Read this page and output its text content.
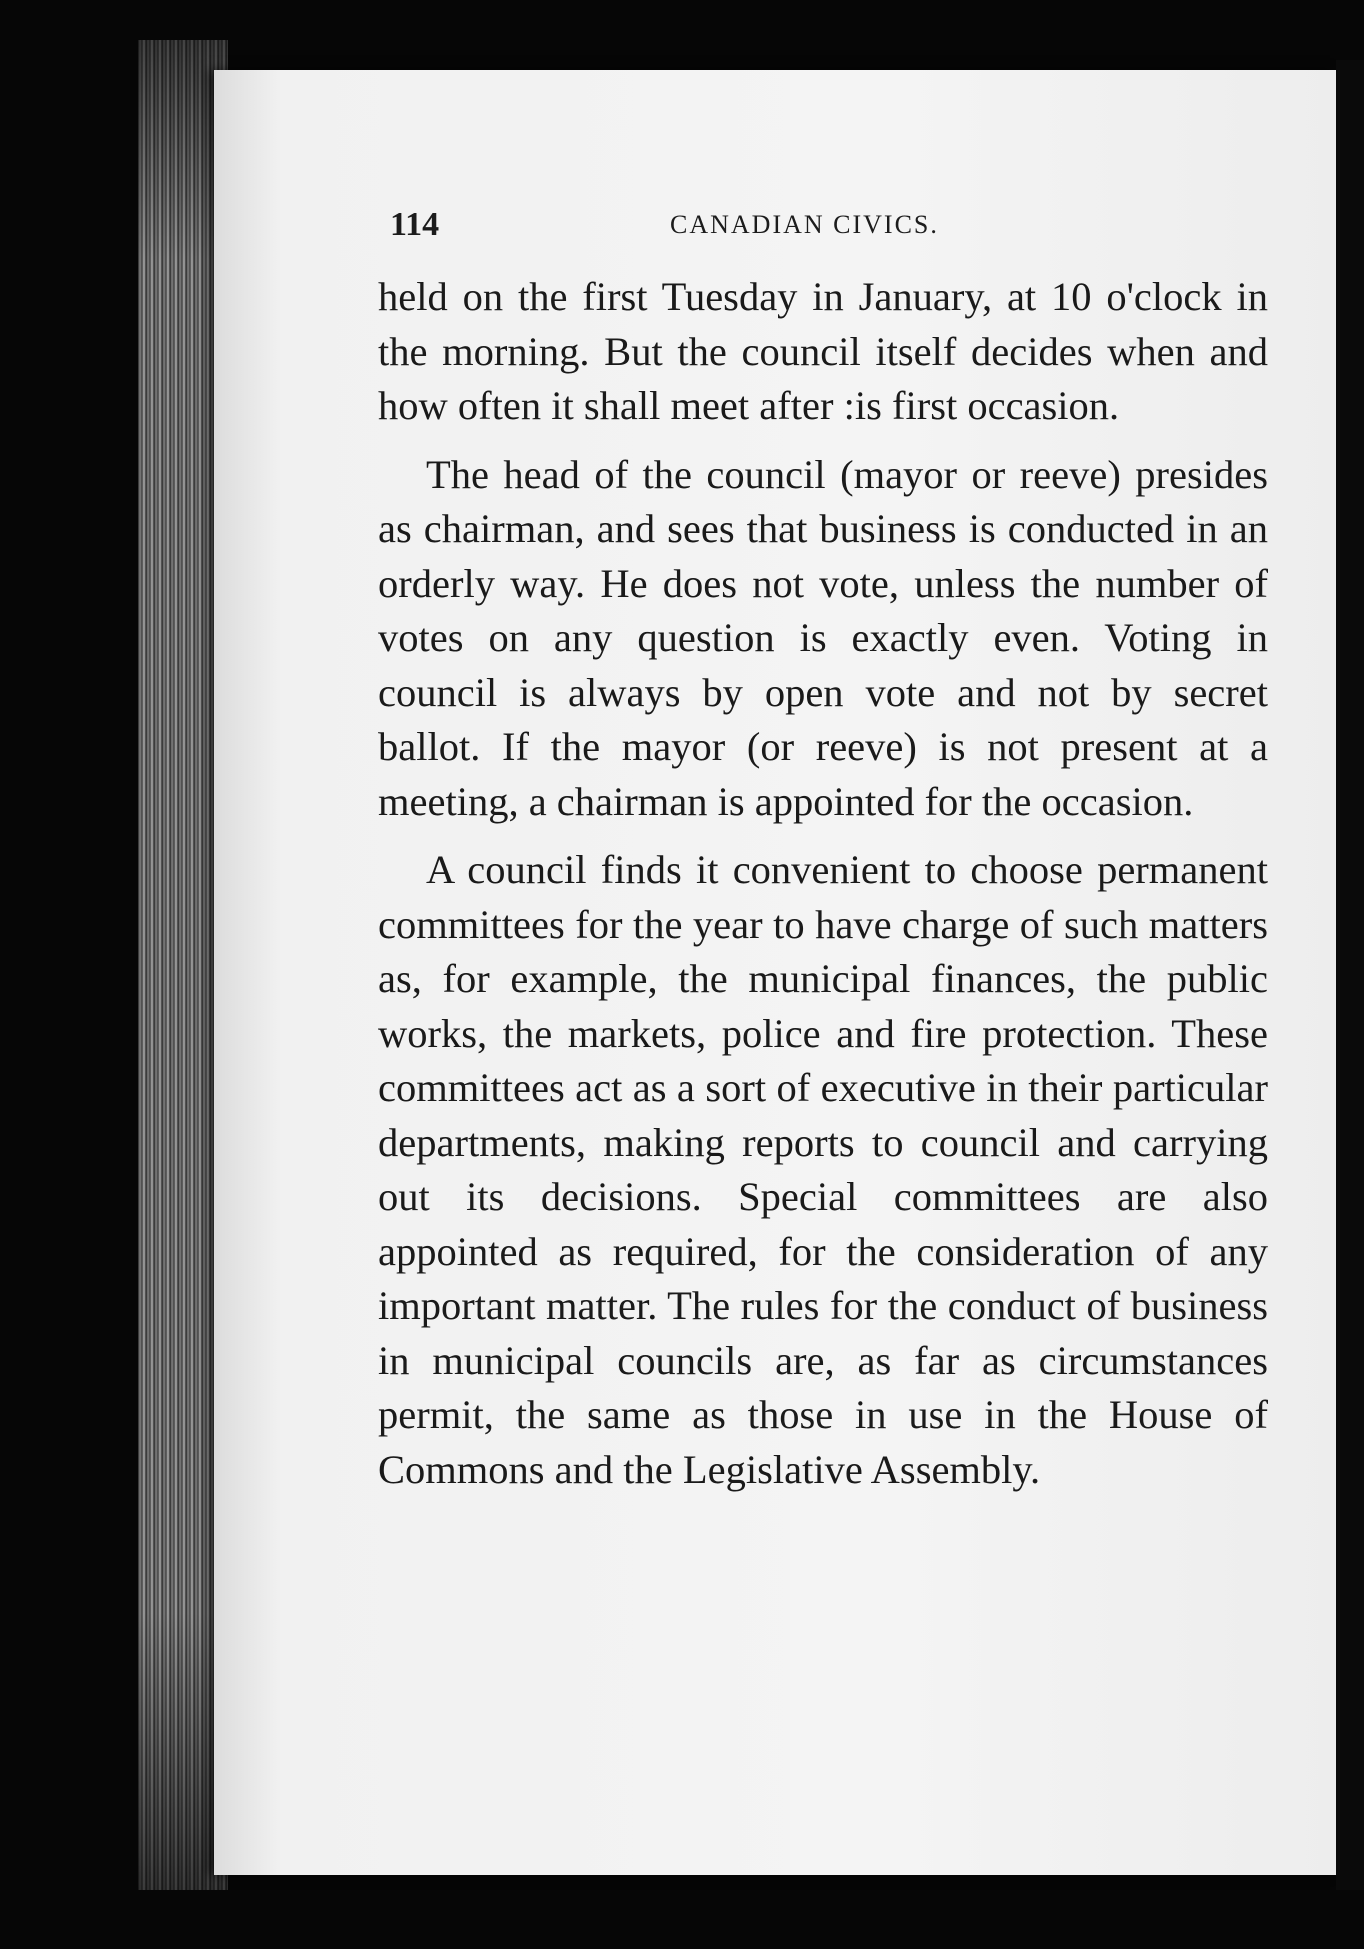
114	CANADIAN CIVICS.

held on the first Tuesday in January, at 10 o'clock in the morning. But the council itself decides when and how often it shall meet after :is first occasion.

The head of the council (mayor or reeve) presides as chairman, and sees that business is conducted in an orderly way. He does not vote, unless the number of votes on any question is exactly even. Voting in council is always by open vote and not by secret ballot. If the mayor (or reeve) is not present at a meeting, a chairman is appointed for the occasion.

A council finds it convenient to choose permanent committees for the year to have charge of such matters as, for example, the municipal finances, the public works, the markets, police and fire protection. These committees act as a sort of executive in their particular departments, making reports to council and carrying out its decisions. Special committees are also appointed as required, for the consideration of any important matter. The rules for the conduct of business in municipal councils are, as far as circumstances permit, the same as those in use in the House of Commons and the Legislative Assembly.
